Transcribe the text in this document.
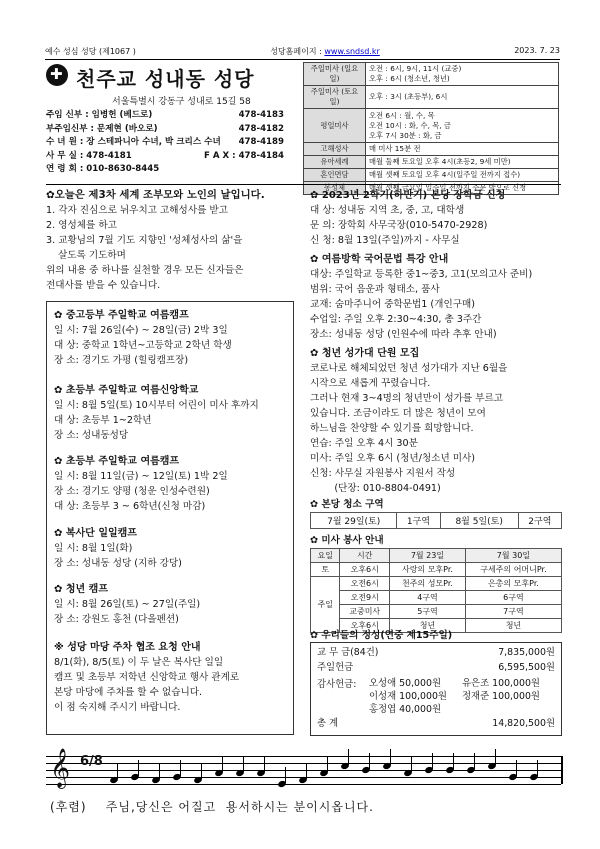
예수 성심 성당 (제1067 )	성당홈페이지 : www.sndsd.kr	2023. 7. 23
✚
천주교 성내동 성당
서울특별시 강동구 성내로 15길 58
주임 신부 : 임병헌 (베드로)	478-4183
부주임신부 : 문제현 (바오로)	478-4182
수 녀 원 : 장 스테파니아 수녀, 박 크리스 수녀 478-4189
사 무 실 : 478-4181	F A X : 478-4184
연 령 회 : 010-8630-8445
주일미사 (일요일)	오전 : 6시, 9시, 11시 (교중)
오후 : 6시 (청소년, 청년)
주일미사 (토요일)	오후 : 3시 (초등부), 6시
평일미사	오전 6시 : 월, 수, 목
오전 10시 : 화, 수, 목, 금
오후 7시 30분 : 화, 금
고해성사	매 미사 15분 전
유아세례	매월 둘째 토요일 오후 4시(초등2, 9세 미만)
혼인면담	매월 셋째 토요일 오후 4시(일주일 전까지 접수)
봉성체	매월 셋째 금요일 일주일 전까지 주문 받으로 신청
✿오늘은 제3차 세계 조부모와 노인의 날입니다.
1. 각자 진심으로 뉘우치고 고해성사를 받고
2. 영성체를 하고
3. 교황님의 7월 기도 지향인 '성체성사의 삶'을
살도록 기도하며
위의 내용 중 하나를 실천할 경우 모든 신자들은
전대사를 받을 수 있습니다.
✿ 중고등부 주일학교 여름캠프
일 시: 7월 26일(수) ~ 28일(금) 2박 3일
대 상: 중학교 1학년~고등학교 2학년 학생
장 소: 경기도 가평 (힐링캠프장)
✿ 초등부 주일학교 여름신앙학교
일 시: 8월 5일(토) 10시부터 어린이 미사 후까지
대 상: 초등부 1~2학년
장 소: 성내동성당
✿ 초등부 주일학교 여름캠프
일 시: 8월 11일(금) ~ 12일(토) 1박 2일
장 소: 경기도 양평 (청운 인성수련원)
대 상: 초등부 3 ~ 6학년(신청 마감)
✿ 복사단 일일캠프
일 시: 8월 1일(화)
장 소: 성내동 성당 (지하 강당)
✿ 청년 캠프
일 시: 8월 26일(토) ~ 27일(주일)
장 소: 강원도 홍천 (다올펜션)
※ 성당 마당 주차 협조 요청 안내
8/1(화), 8/5(토) 이 두 날은 복사단 일일
캠프 및 초등부 저학년 신앙학교 행사 관계로
본당 마당에 주차를 할 수 없습니다.
이 점 숙지해 주시기 바랍니다.
✿ 2023년 2학기(하반기) 본당 장학금 신청
대 상: 성내동 지역 초, 중, 고, 대학생
문 의: 장학회 사무국장(010-5470-2928)
신 청: 8월 13일(주일)까지 - 사무실
✿ 여름방학 국어문법 특강 안내
대상: 주일학교 등록한 중1~중3, 고1(모의고사 준비)
범위: 국어 음운과 형태소, 품사
교재: 숨마주니어 중학문법1 (개인구매)
수업일: 주일 오후 2:30~4:30, 총 3주간
장소: 성내동 성당 (인원수에 따라 추후 안내)
✿ 청년 성가대 단원 모집
코로나로 해체되었던 청년 성가대가 지난 6월을
시작으로 새롭게 꾸렸습니다.
그러나 현재 3~4명의 청년만이 성가를 부르고
있습니다. 조금이라도 더 많은 청년이 모여
하느님을 찬양할 수 있기를 희망합니다.
연습: 주일 오후 4시 30분
미사: 주일 오후 6시 (청년/청소년 미사)
신청: 사무실 자원봉사 지원서 작성
(단장: 010-8804-0491)
✿ 본당 청소 구역
7월 29일(토)	1구역	8월 5일(토)	2구역
✿ 미사 봉사 안내
요일	시간	7월 23일	7월 30일
토	오후6시	사랑의 모후Pr.	구세주의 어머니Pr.
주일	오전6시	천주의 성모Pr.	은총의 모후Pr.
	오전9시	4구역	6구역
	교중미사	5구역	7구역
	오후6시	청년	청년
✿ 우리들의 정성(연중 제15주일)
교 무 금(84건)	7,835,000원
주일헌금	6,595,500원
감사헌금:	오성애 50,000원	유은조 100,000원
이성재 100,000원	정재준 100,000원
홍정엽 40,000원
총 계	14,820,500원
𝄞 6/8
(후렴)    주님,당신은 어질고  용서하시는 분이시옵니다.
